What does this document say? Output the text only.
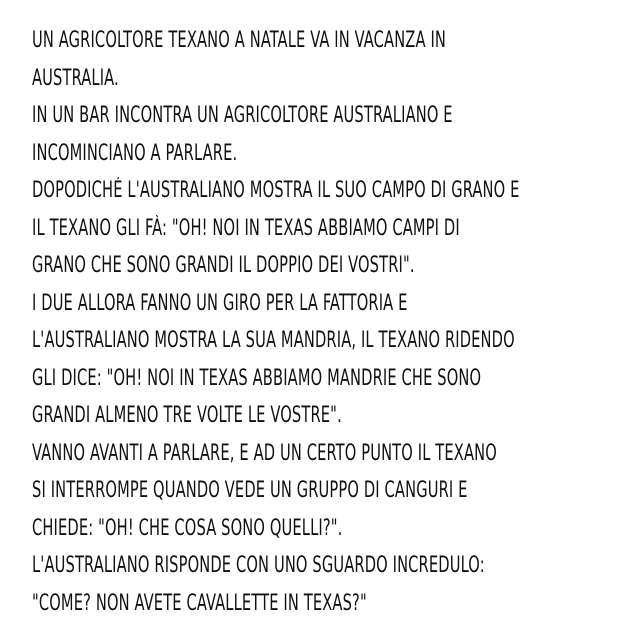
UN AGRICOLTORE TEXANO A NATALE VA IN VACANZA IN
AUSTRALIA.
IN UN BAR INCONTRA UN AGRICOLTORE AUSTRALIANO E
INCOMINCIANO A PARLARE.
DOPODICHÉ L'AUSTRALIANO MOSTRA IL SUO CAMPO DI GRANO E
IL TEXANO GLI FÀ: "OH! NOI IN TEXAS ABBIAMO CAMPI DI
GRANO CHE SONO GRANDI IL DOPPIO DEI VOSTRI".
I DUE ALLORA FANNO UN GIRO PER LA FATTORIA E
L'AUSTRALIANO MOSTRA LA SUA MANDRIA, IL TEXANO RIDENDO
GLI DICE: "OH! NOI IN TEXAS ABBIAMO MANDRIE CHE SONO
GRANDI ALMENO TRE VOLTE LE VOSTRE".
VANNO AVANTI A PARLARE, E AD UN CERTO PUNTO IL TEXANO
SI INTERROMPE QUANDO VEDE UN GRUPPO DI CANGURI E
CHIEDE: "OH! CHE COSA SONO QUELLI?".
L'AUSTRALIANO RISPONDE CON UNO SGUARDO INCREDULO:
"COME? NON AVETE CAVALLETTE IN TEXAS?"
